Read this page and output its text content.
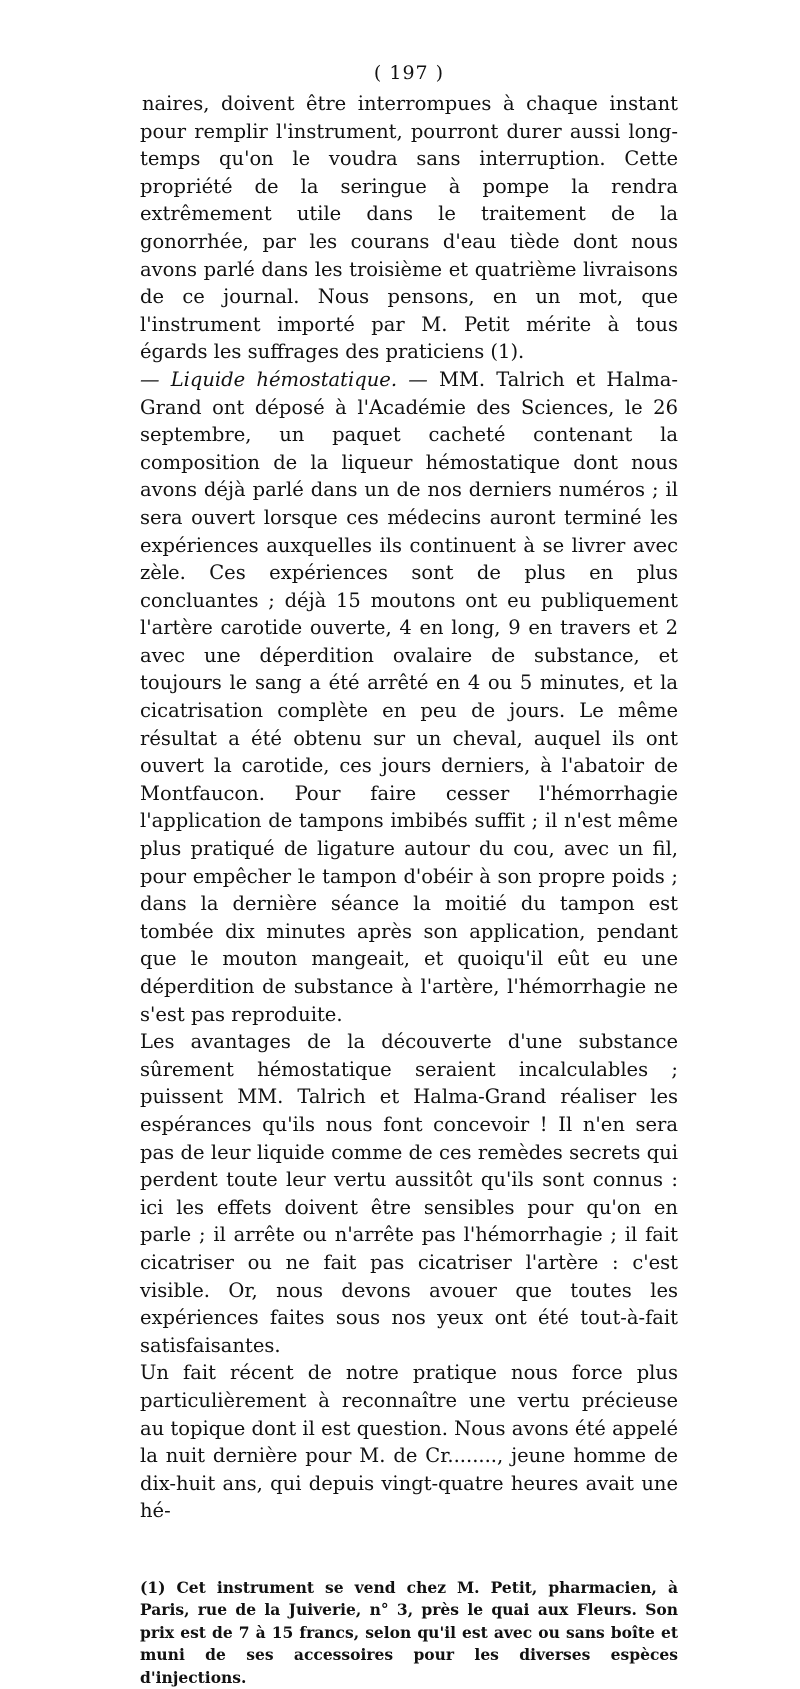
( 197 )

naires, doivent être interrompues à chaque instant pour remplir l'instrument, pourront durer aussi long-temps qu'on le voudra sans interruption. Cette propriété de la seringue à pompe la rendra extrêmement utile dans le traitement de la gonorrhée, par les courans d'eau tiède dont nous avons parlé dans les troisième et quatrième livraisons de ce journal. Nous pensons, en un mot, que l'instrument importé par M. Petit mérite à tous égards les suffrages des praticiens (1).

— Liquide hémostatique. — MM. Talrich et Halma-Grand ont déposé à l'Académie des Sciences, le 26 septembre, un paquet cacheté contenant la composition de la liqueur hémostatique dont nous avons déjà parlé dans un de nos derniers numéros ; il sera ouvert lorsque ces médecins auront terminé les expériences auxquelles ils continuent à se livrer avec zèle. Ces expériences sont de plus en plus concluantes ; déjà 15 moutons ont eu publiquement l'artère carotide ouverte, 4 en long, 9 en travers et 2 avec une déperdition ovalaire de substance, et toujours le sang a été arrêté en 4 ou 5 minutes, et la cicatrisation complète en peu de jours. Le même résultat a été obtenu sur un cheval, auquel ils ont ouvert la carotide, ces jours derniers, à l'abatoir de Montfaucon. Pour faire cesser l'hémorrhagie l'application de tampons imbibés suffit ; il n'est même plus pratiqué de ligature autour du cou, avec un fil, pour empêcher le tampon d'obéir à son propre poids ; dans la dernière séance la moitié du tampon est tombée dix minutes après son application, pendant que le mouton mangeait, et quoiqu'il eût eu une déperdition de substance à l'artère, l'hémorrhagie ne s'est pas reproduite.

Les avantages de la découverte d'une substance sûrement hémostatique seraient incalculables ; puissent MM. Talrich et Halma-Grand réaliser les espérances qu'ils nous font concevoir ! Il n'en sera pas de leur liquide comme de ces remèdes secrets qui perdent toute leur vertu aussitôt qu'ils sont connus : ici les effets doivent être sensibles pour qu'on en parle ; il arrête ou n'arrête pas l'hémorrhagie ; il fait cicatriser ou ne fait pas cicatriser l'artère : c'est visible. Or, nous devons avouer que toutes les expériences faites sous nos yeux ont été tout-à-fait satisfaisantes.

Un fait récent de notre pratique nous force plus particulièrement à reconnaître une vertu précieuse au topique dont il est question. Nous avons été appelé la nuit dernière pour M. de Cr........, jeune homme de dix-huit ans, qui depuis vingt-quatre heures avait une hé-

(1) Cet instrument se vend chez M. Petit, pharmacien, à Paris, rue de la Juiverie, n° 3, près le quai aux Fleurs. Son prix est de 7 à 15 francs, selon qu'il est avec ou sans boîte et muni de ses accessoires pour les diverses espèces d'injections.
